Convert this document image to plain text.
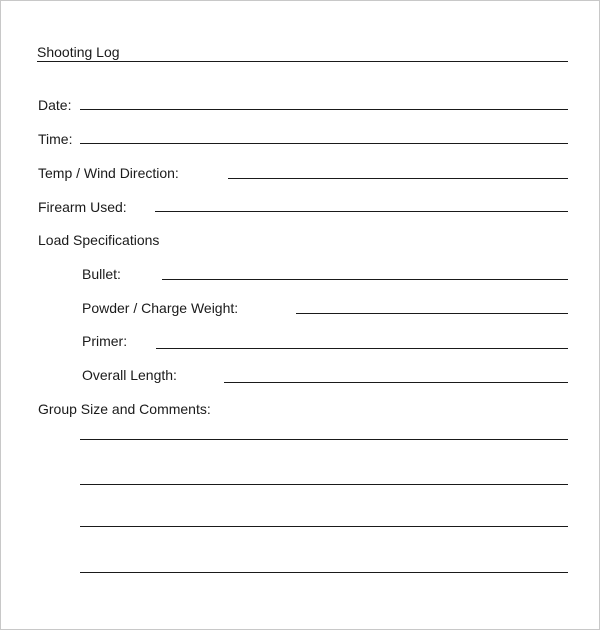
Shooting Log
Date:
Time:
Temp / Wind Direction:
Firearm Used:
Load Specifications
Bullet:
Powder / Charge Weight:
Primer:
Overall Length:
Group Size and Comments:
